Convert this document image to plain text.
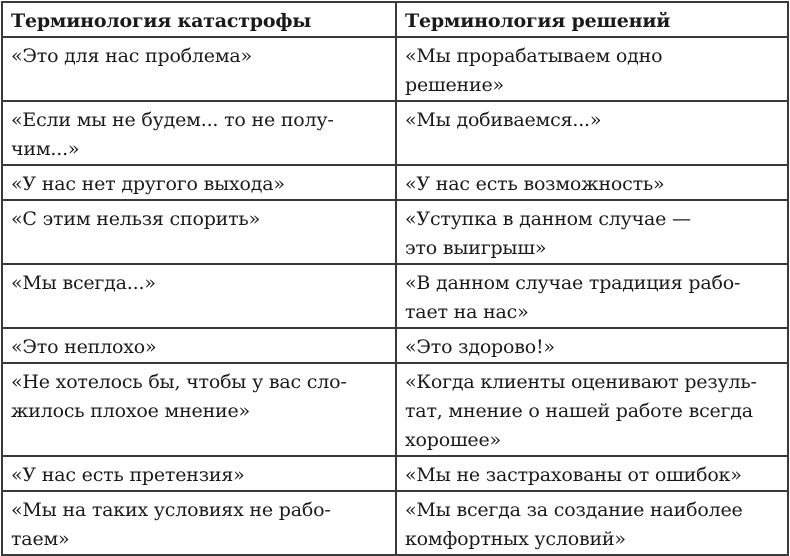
Терминология катастрофы	Терминология решений
«Это для нас проблема»	«Мы прорабатываем одно
решение»
«Если мы не будем... то не полу-
чим...»	«Мы добиваемся...»
«У нас нет другого выхода»	«У нас есть возможность»
«С этим нельзя спорить»	«Уступка в данном случае —
это выигрыш»
«Мы всегда...»	«В данном случае традиция рабо-
тает на нас»
«Это неплохо»	«Это здорово!»
«Не хотелось бы, чтобы у вас сло-
жилось плохое мнение»	«Когда клиенты оценивают резуль-
тат, мнение о нашей работе всегда
хорошее»
«У нас есть претензия»	«Мы не застрахованы от ошибок»
«Мы на таких условиях не рабо-
таем»	«Мы всегда за создание наиболее
комфортных условий»
